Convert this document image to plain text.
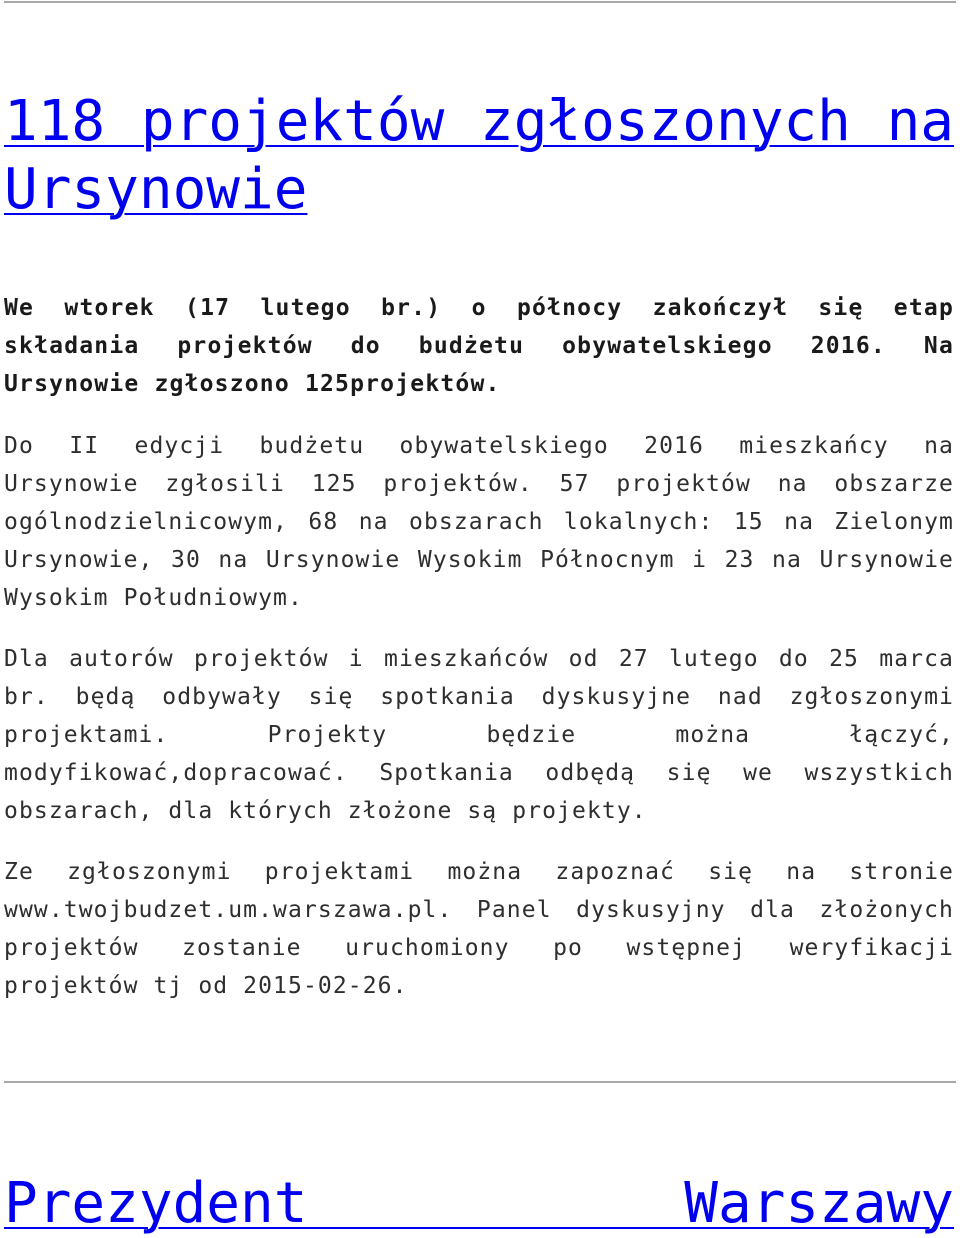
118 projektów zgłoszonych na Ursynowie

We wtorek (17 lutego br.) o północy zakończył się etap składania projektów do budżetu obywatelskiego 2016. Na Ursynowie zgłoszono 125projektów.

Do II edycji budżetu obywatelskiego 2016 mieszkańcy na Ursynowie zgłosili 125 projektów. 57 projektów na obszarze ogólnodzielnicowym, 68 na obszarach lokalnych: 15 na Zielonym Ursynowie, 30 na Ursynowie Wysokim Północnym i 23 na Ursynowie Wysokim Południowym.

Dla autorów projektów i mieszkańców od 27 lutego do 25 marca br. będą odbywały się spotkania dyskusyjne nad zgłoszonymi projektami. Projekty będzie można łączyć, modyfikować,dopracować. Spotkania odbędą się we wszystkich obszarach, dla których złożone są projekty.

Ze zgłoszonymi projektami można zapoznać się na stronie www.twojbudzet.um.warszawa.pl. Panel dyskusyjny dla złożonych projektów zostanie uruchomiony po wstępnej weryfikacji projektów tj od 2015-02-26.

Prezydent Warszawy
